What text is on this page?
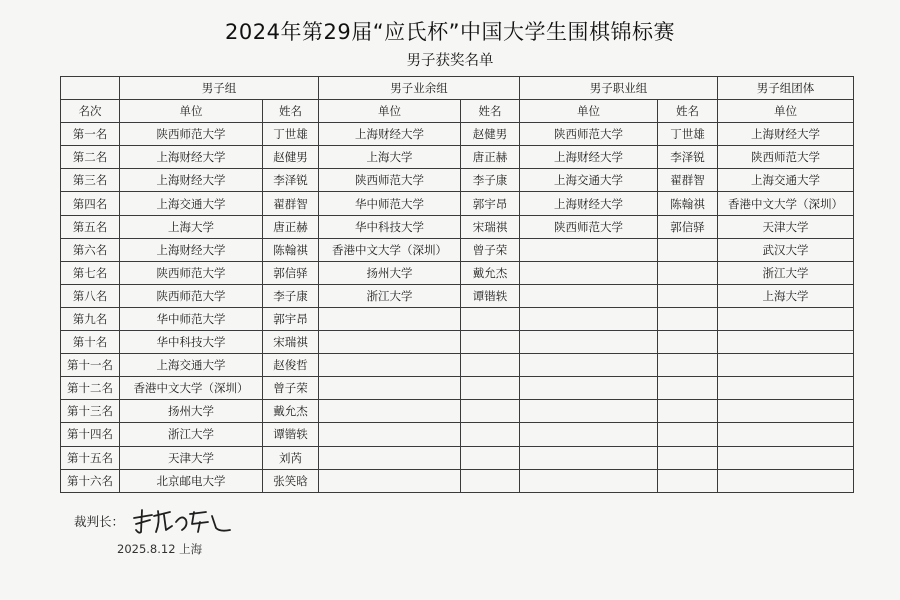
2024年第29届“应氏杯”中国大学生围棋锦标赛
男子获奖名单
	男子组		男子业余组		男子职业组		男子组团体
名次	单位	姓名	单位	姓名	单位	姓名	单位
第一名	陕西师范大学	丁世雄	上海财经大学	赵健男	陕西师范大学	丁世雄	上海财经大学
第二名	上海财经大学	赵健男	上海大学	唐正赫	上海财经大学	李泽锐	陕西师范大学
第三名	上海财经大学	李泽锐	陕西师范大学	李子康	上海交通大学	翟群智	上海交通大学
第四名	上海交通大学	翟群智	华中师范大学	郭宇昂	上海财经大学	陈翰祺	香港中文大学（深圳）
第五名	上海大学	唐正赫	华中科技大学	宋瑞祺	陕西师范大学	郭信驿	天津大学
第六名	上海财经大学	陈翰祺	香港中文大学（深圳）	曾子荣			武汉大学
第七名	陕西师范大学	郭信驿	扬州大学	戴允杰			浙江大学
第八名	陕西师范大学	李子康	浙江大学	谭锴轶			上海大学
第九名	华中师范大学	郭宇昂					
第十名	华中科技大学	宋瑞祺					
第十一名	上海交通大学	赵俊哲					
第十二名	香港中文大学（深圳）	曾子荣					
第十三名	扬州大学	戴允杰					
第十四名	浙江大学	谭锴轶					
第十五名	天津大学	刘芮					
第十六名	北京邮电大学	张笑晗					
裁判长：
2025.8.12 上海
